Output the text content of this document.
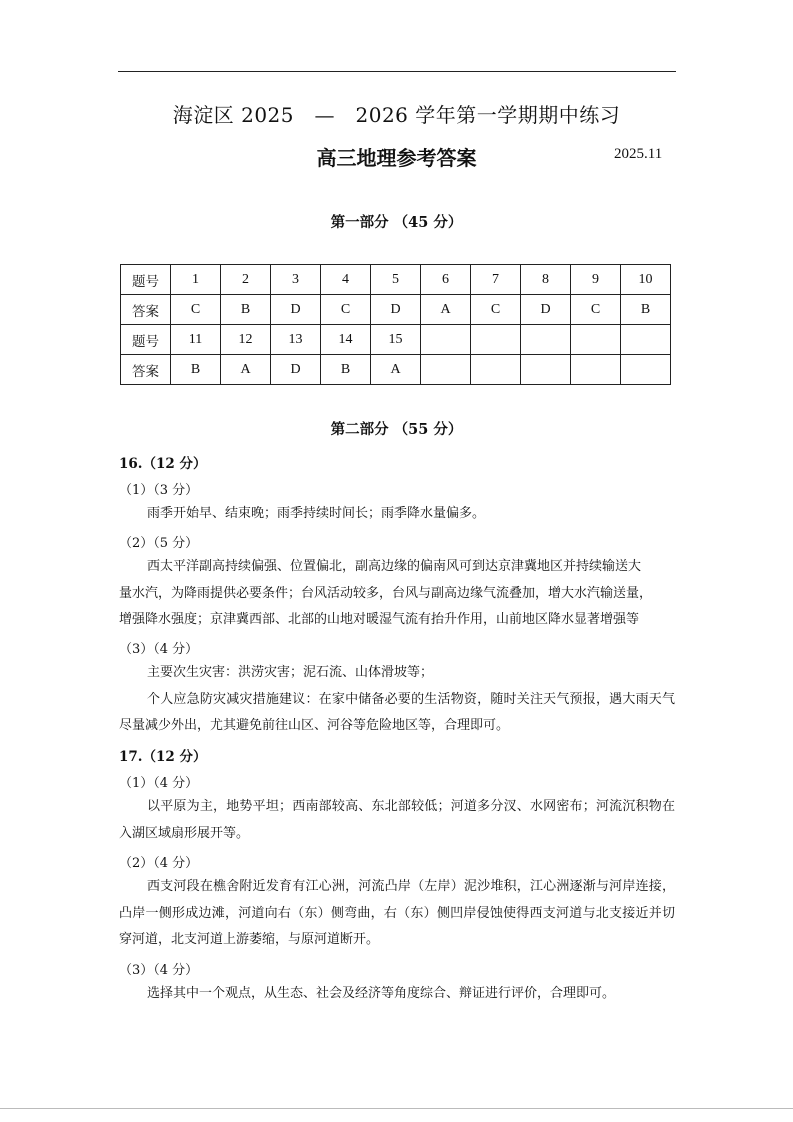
海淀区 2025　—　2026 学年第一学期期中练习
高三地理参考答案	2025.11
第一部分 （45 分）
题号	1	2	3	4	5	6	7	8	9	10
答案	C	B	D	C	D	A	C	D	C	B
题号	11	12	13	14	15					
答案	B	A	D	B	A					
第二部分 （55 分）
16.（12 分）
（1）（3 分）

雨季开始早、结束晚；雨季持续时间长；雨季降水量偏多。

（2）（5 分）

西太平洋副高持续偏强、位置偏北，副高边缘的偏南风可到达京津冀地区并持续输送大

量水汽，为降雨提供必要条件；台风活动较多，台风与副高边缘气流叠加，增大水汽输送量，

增强降水强度；京津冀西部、北部的山地对暖湿气流有抬升作用，山前地区降水显著增强等

（3）（4 分）

主要次生灾害：洪涝灾害；泥石流、山体滑坡等；

个人应急防灾减灾措施建议：在家中储备必要的生活物资，随时关注天气预报，遇大雨天气尽量减少外出，尤其避免前往山区、河谷等危险地区等，合理即可。

17.（12 分）
（1）（4 分）

以平原为主，地势平坦；西南部较高、东北部较低；河道多分汊、水网密布；河流沉积物在入湖区域扇形展开等。

（2）（4 分）

西支河段在樵舍附近发育有江心洲，河流凸岸（左岸）泥沙堆积，江心洲逐渐与河岸连接，凸岸一侧形成边滩，河道向右（东）侧弯曲，右（东）侧凹岸侵蚀使得西支河道与北支接近并切穿河道，北支河道上游萎缩，与原河道断开。

（3）（4 分）

选择其中一个观点，从生态、社会及经济等角度综合、辩证进行评价，合理即可。
